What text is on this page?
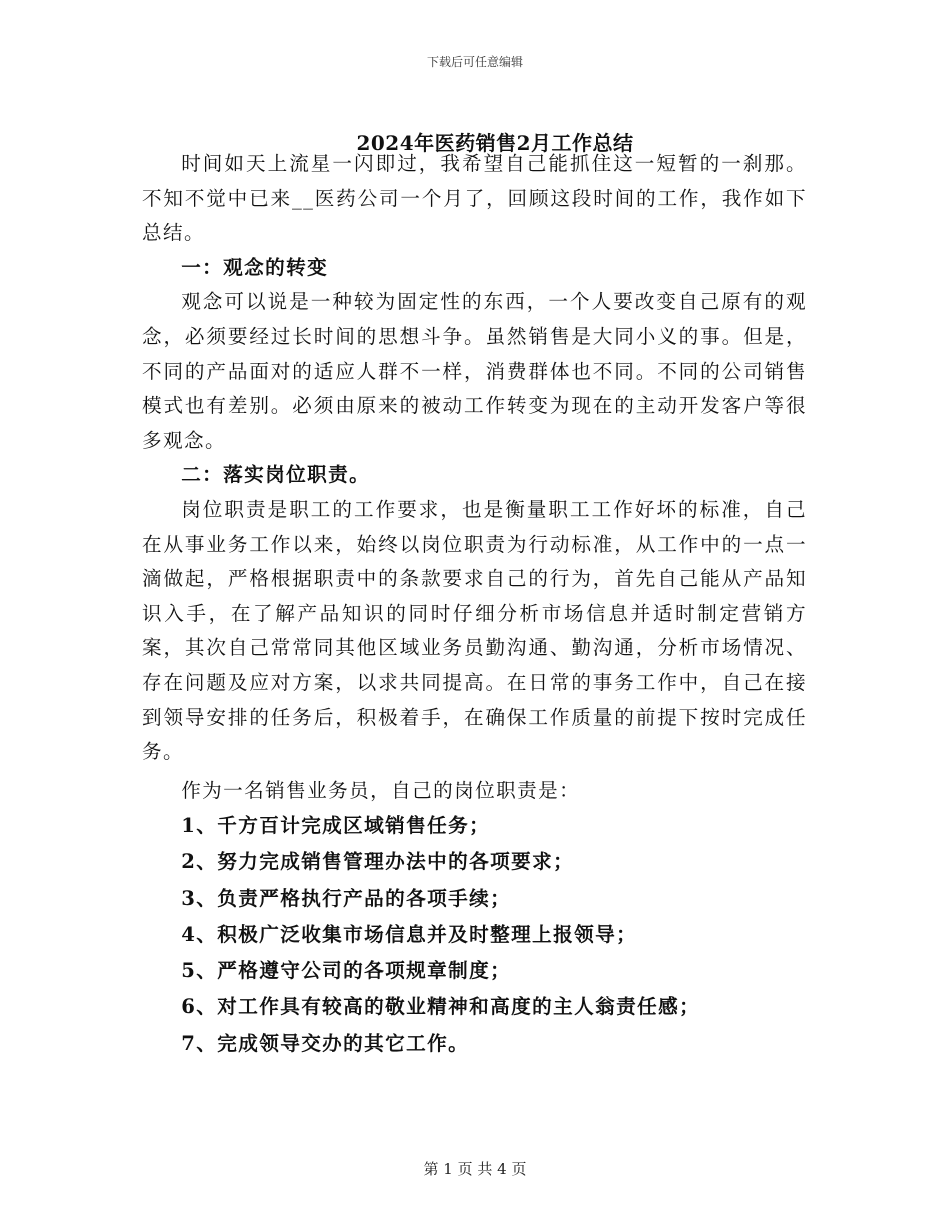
下载后可任意编辑
2024年医药销售2月工作总结

时间如天上流星一闪即过，我希望自己能抓住这一短暂的一刹那。不知不觉中已来__医药公司一个月了，回顾这段时间的工作，我作如下总结。

一：观念的转变

观念可以说是一种较为固定性的东西，一个人要改变自己原有的观念，必须要经过长时间的思想斗争。虽然销售是大同小义的事。但是，不同的产品面对的适应人群不一样，消费群体也不同。不同的公司销售模式也有差别。必须由原来的被动工作转变为现在的主动开发客户等很多观念。

二：落实岗位职责。

岗位职责是职工的工作要求，也是衡量职工工作好坏的标准，自己在从事业务工作以来，始终以岗位职责为行动标准，从工作中的一点一滴做起，严格根据职责中的条款要求自己的行为，首先自己能从产品知识入手，在了解产品知识的同时仔细分析市场信息并适时制定营销方案，其次自己常常同其他区域业务员勤沟通、勤沟通，分析市场情况、存在问题及应对方案，以求共同提高。在日常的事务工作中，自己在接到领导安排的任务后，积极着手，在确保工作质量的前提下按时完成任务。

作为一名销售业务员，自己的岗位职责是：

1、千方百计完成区域销售任务；
2、努力完成销售管理办法中的各项要求；
3、负责严格执行产品的各项手续；
4、积极广泛收集市场信息并及时整理上报领导；
5、严格遵守公司的各项规章制度；
6、对工作具有较高的敬业精神和高度的主人翁责任感；
7、完成领导交办的其它工作。
第 1 页 共 4 页
